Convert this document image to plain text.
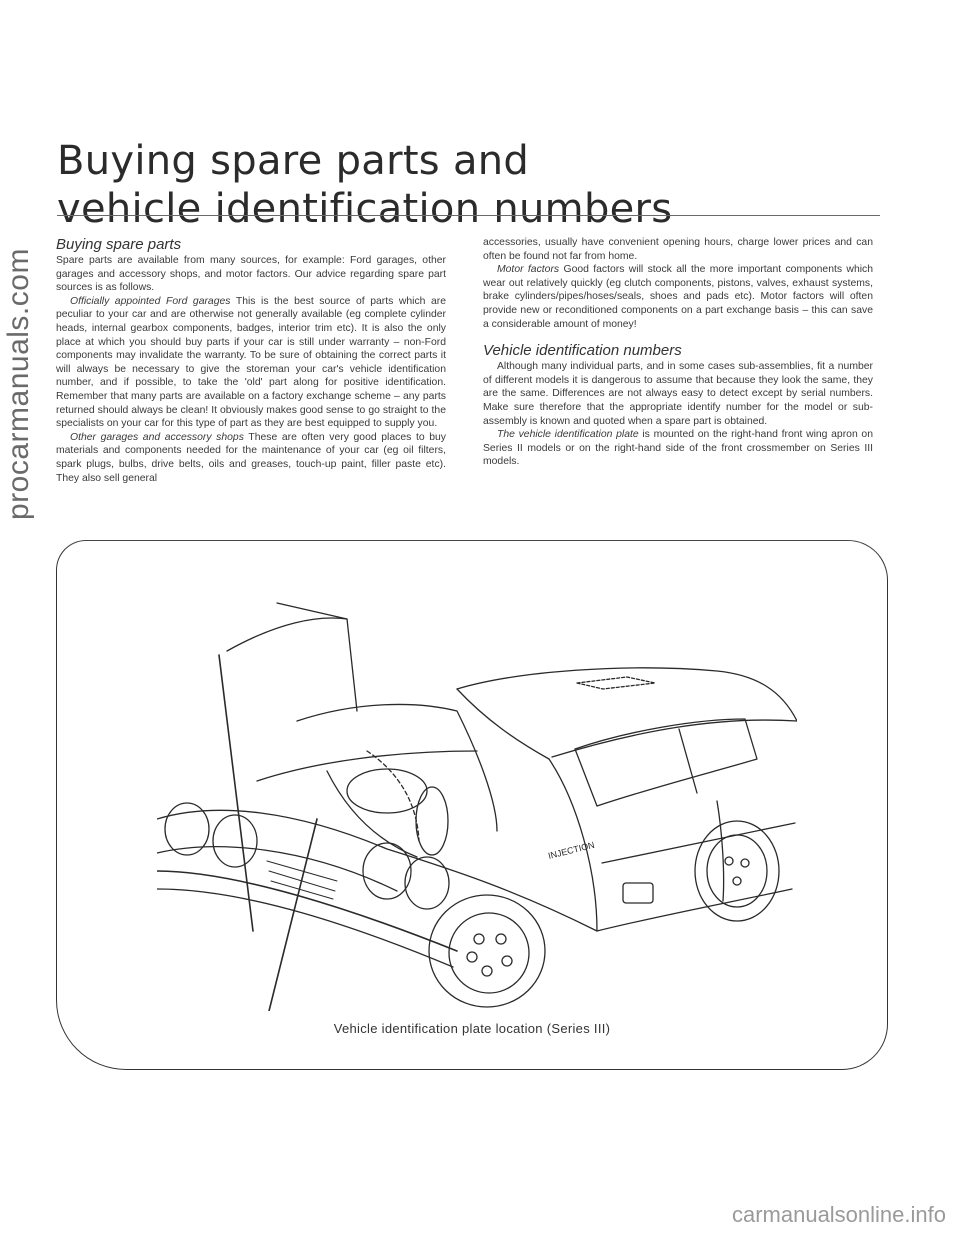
procarmanuals.com
Buying spare parts and
vehicle identification numbers
Buying spare parts

Spare parts are available from many sources, for example: Ford garages, other garages and accessory shops, and motor factors. Our advice regarding spare part sources is as follows.

Officially appointed Ford garages This is the best source of parts which are peculiar to your car and are otherwise not generally available (eg complete cylinder heads, internal gearbox components, badges, interior trim etc). It is also the only place at which you should buy parts if your car is still under warranty – non-Ford components may invalidate the warranty. To be sure of obtaining the correct parts it will always be necessary to give the storeman your car's vehicle identification number, and if possible, to take the 'old' part along for positive identification. Remember that many parts are available on a factory exchange scheme – any parts returned should always be clean! It obviously makes good sense to go straight to the specialists on your car for this type of part as they are best equipped to supply you.

Other garages and accessory shops These are often very good places to buy materials and components needed for the maintenance of your car (eg oil filters, spark plugs, bulbs, drive belts, oils and greases, touch-up paint, filler paste etc). They also sell general

accessories, usually have convenient opening hours, charge lower prices and can often be found not far from home.

Motor factors Good factors will stock all the more important components which wear out relatively quickly (eg clutch components, pistons, valves, exhaust systems, brake cylinders/pipes/hoses/seals, shoes and pads etc). Motor factors will often provide new or reconditioned components on a part exchange basis – this can save a considerable amount of money!

Vehicle identification numbers

Although many individual parts, and in some cases sub-assemblies, fit a number of different models it is dangerous to assume that because they look the same, they are the same. Differences are not always easy to detect except by serial numbers. Make sure therefore that the appropriate identify number for the model or sub-assembly is known and quoted when a spare part is obtained.

The vehicle identification plate is mounted on the right-hand front wing apron on Series II models or on the right-hand side of the front crossmember on Series III models.

INJECTION
Vehicle identification plate location (Series III)
carmanualsonline.info
